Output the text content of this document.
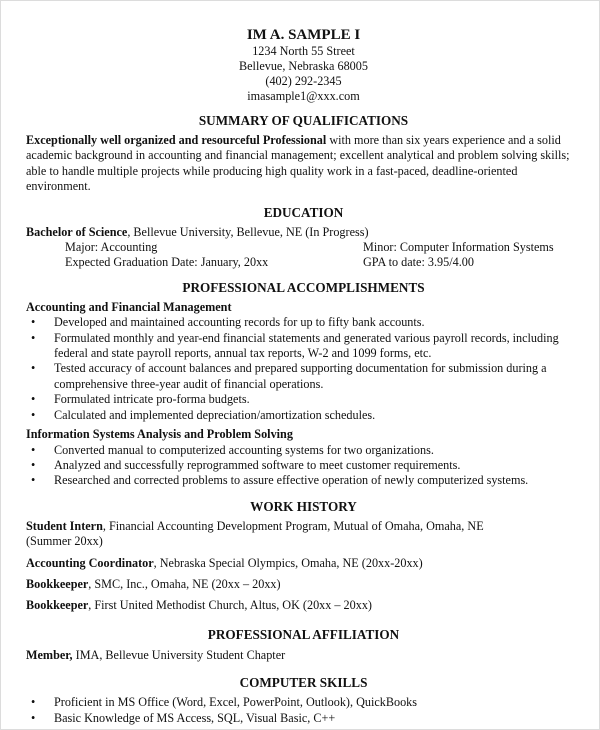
IM A. SAMPLE I
1234 North 55 Street
Bellevue, Nebraska 68005
(402) 292-2345
imasample1@xxx.com
SUMMARY OF QUALIFICATIONS
Exceptionally well organized and resourceful Professional with more than six years experience and a solid academic background in accounting and financial management; excellent analytical and problem solving skills; able to handle multiple projects while producing high quality work in a fast-paced, deadline-oriented environment.
EDUCATION
Bachelor of Science, Bellevue University, Bellevue, NE (In Progress)
Major: Accounting	Minor: Computer Information Systems
Expected Graduation Date: January, 20xx	GPA to date: 3.95/4.00
PROFESSIONAL ACCOMPLISHMENTS
Accounting and Financial Management
• Developed and maintained accounting records for up to fifty bank accounts.
• Formulated monthly and year-end financial statements and generated various payroll records, including federal and state payroll reports, annual tax reports, W-2 and 1099 forms, etc.
• Tested accuracy of account balances and prepared supporting documentation for submission during a comprehensive three-year audit of financial operations.
• Formulated intricate pro-forma budgets.
• Calculated and implemented depreciation/amortization schedules.
Information Systems Analysis and Problem Solving
• Converted manual to computerized accounting systems for two organizations.
• Analyzed and successfully reprogrammed software to meet customer requirements.
• Researched and corrected problems to assure effective operation of newly computerized systems.
WORK HISTORY
Student Intern, Financial Accounting Development Program, Mutual of Omaha, Omaha, NE
(Summer 20xx)
Accounting Coordinator, Nebraska Special Olympics, Omaha, NE (20xx-20xx)
Bookkeeper, SMC, Inc., Omaha, NE (20xx – 20xx)
Bookkeeper, First United Methodist Church, Altus, OK (20xx – 20xx)
PROFESSIONAL AFFILIATION
Member, IMA, Bellevue University Student Chapter
COMPUTER SKILLS
• Proficient in MS Office (Word, Excel, PowerPoint, Outlook), QuickBooks
• Basic Knowledge of MS Access, SQL, Visual Basic, C++
